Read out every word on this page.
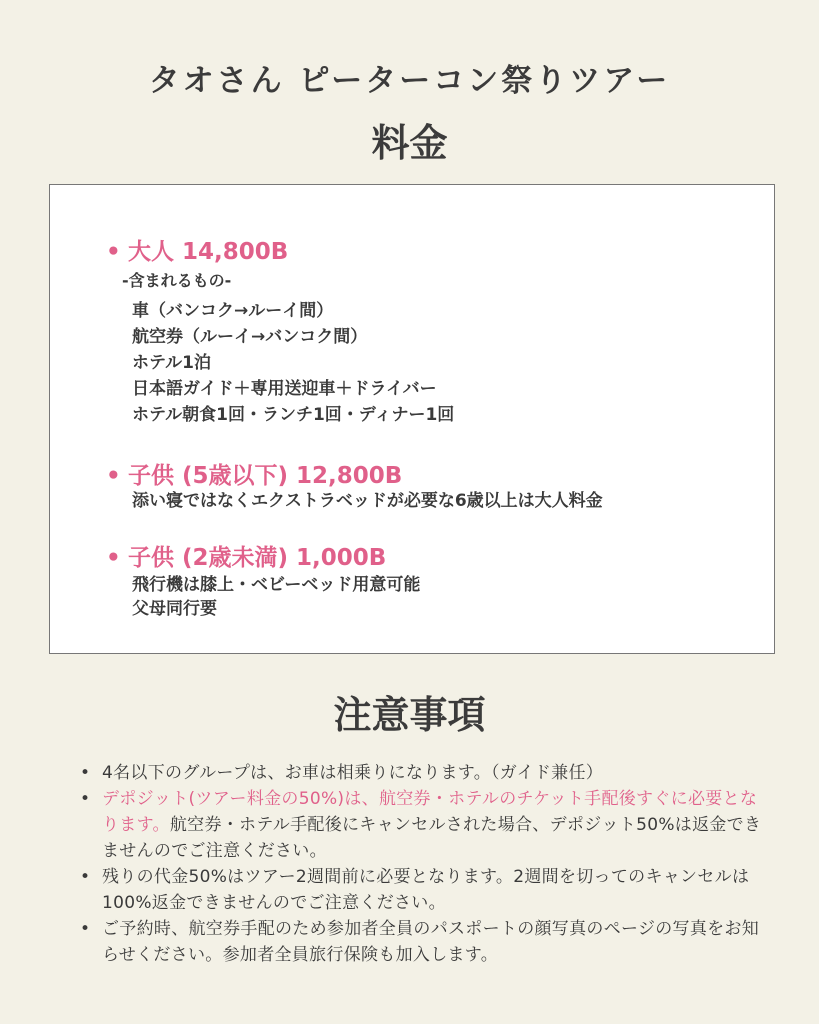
タオさん ピーターコン祭りツアー
料金
• 大人 14,800B
-含まれるもの-
車（バンコク→ルーイ間）
航空券（ルーイ→バンコク間）
ホテル1泊
日本語ガイド＋専用送迎車＋ドライバー
ホテル朝食1回・ランチ1回・ディナー1回
• 子供 (5歳以下) 12,800B
添い寝ではなくエクストラベッドが必要な6歳以上は大人料金
• 子供 (2歳未満) 1,000B
飛行機は膝上・ベビーベッド用意可能
父母同行要
注意事項
• 4名以下のグループは、お車は相乗りになります。（ガイド兼任）
• デポジット(ツアー料金の50%)は、航空券・ホテルのチケット手配後すぐに必要となります。航空券・ホテル手配後にキャンセルされた場合、デポジット50%は返金できませんのでご注意ください。
• 残りの代金50%はツアー2週間前に必要となります。2週間を切ってのキャンセルは100%返金できませんのでご注意ください。
• ご予約時、航空券手配のため参加者全員のパスポートの顔写真のページの写真をお知らせください。参加者全員旅行保険も加入します。
